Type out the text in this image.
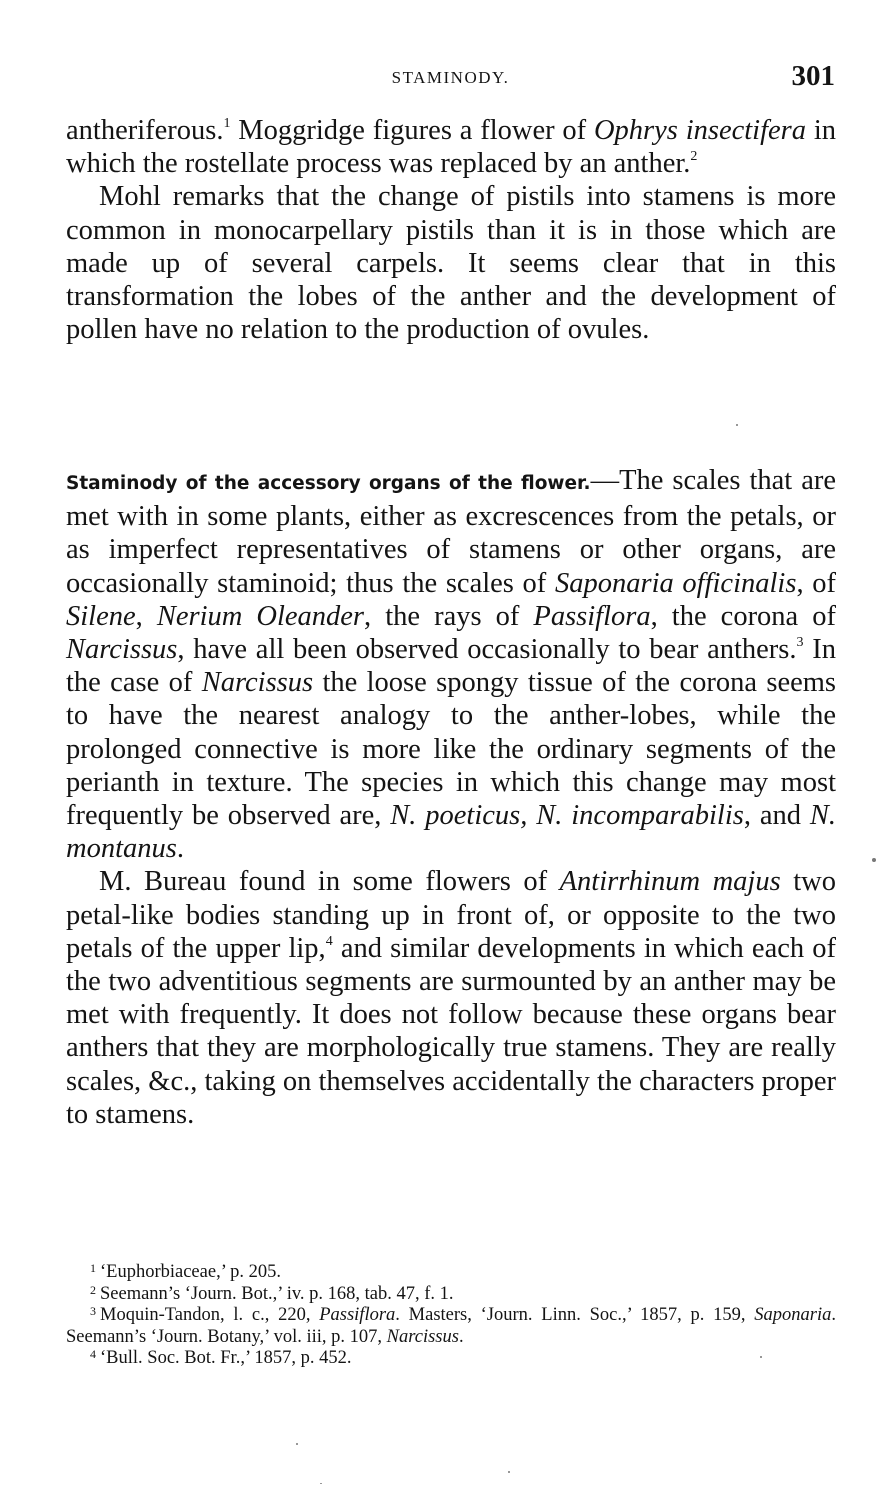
STAMINODY.	301

antheriferous.$^1$ Moggridge figures a flower of Ophrys insectifera in which the rostellate process was replaced by an anther.$^2$

Mohl remarks that the change of pistils into stamens is more common in monocarpellary pistils than it is in those which are made up of several carpels. It seems clear that in this transformation the lobes of the anther and the development of pollen have no relation to the production of ovules.

Staminody of the accessory organs of the flower.—The scales that are met with in some plants, either as excrescences from the petals, or as imperfect representatives of stamens or other organs, are occasionally staminoid; thus the scales of Saponaria officinalis, of Silene, Nerium Oleander, the rays of Passiflora, the corona of Narcissus, have all been observed occasionally to bear anthers.$^3$ In the case of Narcissus the loose spongy tissue of the corona seems to have the nearest analogy to the anther-lobes, while the prolonged connective is more like the ordinary segments of the perianth in texture. The species in which this change may most frequently be observed are, N. poeticus, N. incomparabilis, and N. montanus.

M. Bureau found in some flowers of Antirrhinum majus two petal-like bodies standing up in front of, or opposite to the two petals of the upper lip,$^4$ and similar developments in which each of the two adventitious segments are surmounted by an anther may be met with frequently. It does not follow because these organs bear anthers that they are morphologically true stamens. They are really scales, &c., taking on themselves accidentally the characters proper to stamens.

$^1$ ‘Euphorbiaceae,’ p. 205.

$^2$ Seemann’s ‘Journ. Bot.,’ iv. p. 168, tab. 47, f. 1.

$^3$ Moquin-Tandon, l. c., 220, Passiflora. Masters, ‘Journ. Linn. Soc.,’ 1857, p. 159, Saponaria. Seemann’s ‘Journ. Botany,’ vol. iii, p. 107, Narcissus.

$^4$ ‘Bull. Soc. Bot. Fr.,’ 1857, p. 452.
